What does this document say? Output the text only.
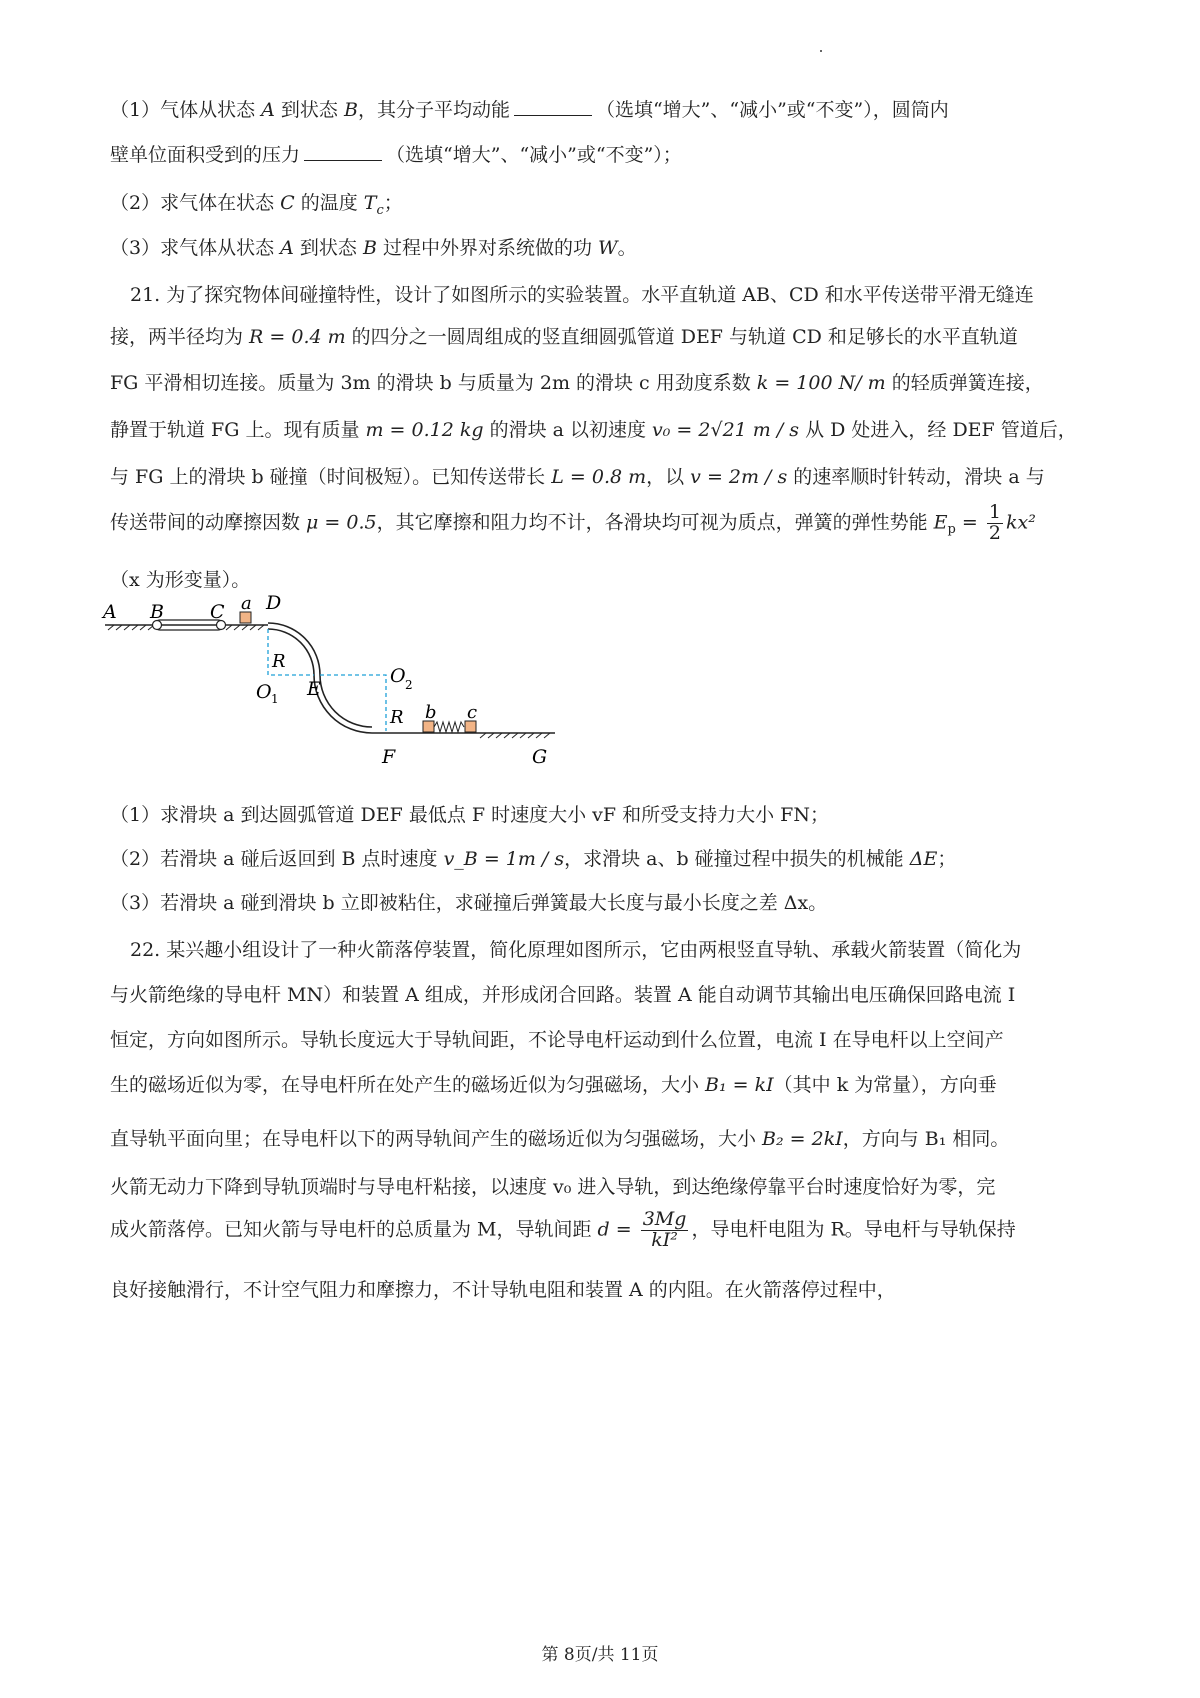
（1）气体从状态 A 到状态 B，其分子平均动能	（选填“增大”、“减小”或“不变”），圆筒内
壁单位面积受到的压力	（选填“增大”、“减小”或“不变”）；
（2）求气体在状态 C 的温度 $T_c$；
（3）求气体从状态 A 到状态 B 过程中外界对系统做的功 W。
21. 为了探究物体间碰撞特性，设计了如图所示的实验装置。水平直轨道 AB、CD 和水平传送带平滑无缝连
接，两半径均为 R = 0.4 m 的四分之一圆周组成的竖直细圆弧管道 DEF 与轨道 CD 和足够长的水平直轨道
FG 平滑相切连接。质量为 3m 的滑块 b 与质量为 2m 的滑块 c 用劲度系数 k = 100 N/ m 的轻质弹簧连接，
静置于轨道 FG 上。现有质量 m = 0.12 kg 的滑块 a 以初速度 v₀ = 2√21 m / s 从 D 处进入，经 DEF 管道后，
与 FG 上的滑块 b 碰撞（时间极短）。已知传送带长 L = 0.8 m，以 v = 2m / s 的速率顺时针转动，滑块 a 与
传送带间的动摩擦因数 μ = 0.5，其它摩擦和阻力均不计，各滑块均可视为质点，弹簧的弹性势能 $E_p = \frac{1}{2} kx^2$
（x 为形变量）。
A B C a D
R
O 1 E
O 2
R b c
F	G
（1）求滑块 a 到达圆弧管道 DEF 最低点 F 时速度大小 vF 和所受支持力大小 FN；
（2）若滑块 a 碰后返回到 B 点时速度 v_B = 1m / s，求滑块 a、b 碰撞过程中损失的机械能 ΔE；
（3）若滑块 a 碰到滑块 b 立即被粘住，求碰撞后弹簧最大长度与最小长度之差 Δx。
22. 某兴趣小组设计了一种火箭落停装置，简化原理如图所示，它由两根竖直导轨、承载火箭装置（简化为
与火箭绝缘的导电杆 MN）和装置 A 组成，并形成闭合回路。装置 A 能自动调节其输出电压确保回路电流 I
恒定，方向如图所示。导轨长度远大于导轨间距，不论导电杆运动到什么位置，电流 I 在导电杆以上空间产
生的磁场近似为零，在导电杆所在处产生的磁场近似为匀强磁场，大小 B₁ = kI（其中 k 为常量），方向垂
直导轨平面向里；在导电杆以下的两导轨间产生的磁场近似为匀强磁场，大小 B₂ = 2kI，方向与 B₁ 相同。
火箭无动力下降到导轨顶端时与导电杆粘接，以速度 v₀ 进入导轨，到达绝缘停靠平台时速度恰好为零，完
成火箭落停。已知火箭与导电杆的总质量为 M，导轨间距 $d = \frac{3Mg}{\text{kI²}}$ ，导电杆电阻为 R。导电杆与导轨保持
良好接触滑行，不计空气阻力和摩擦力，不计导轨电阻和装置 A 的内阻。在火箭落停过程中，
第 8页/共 11页
